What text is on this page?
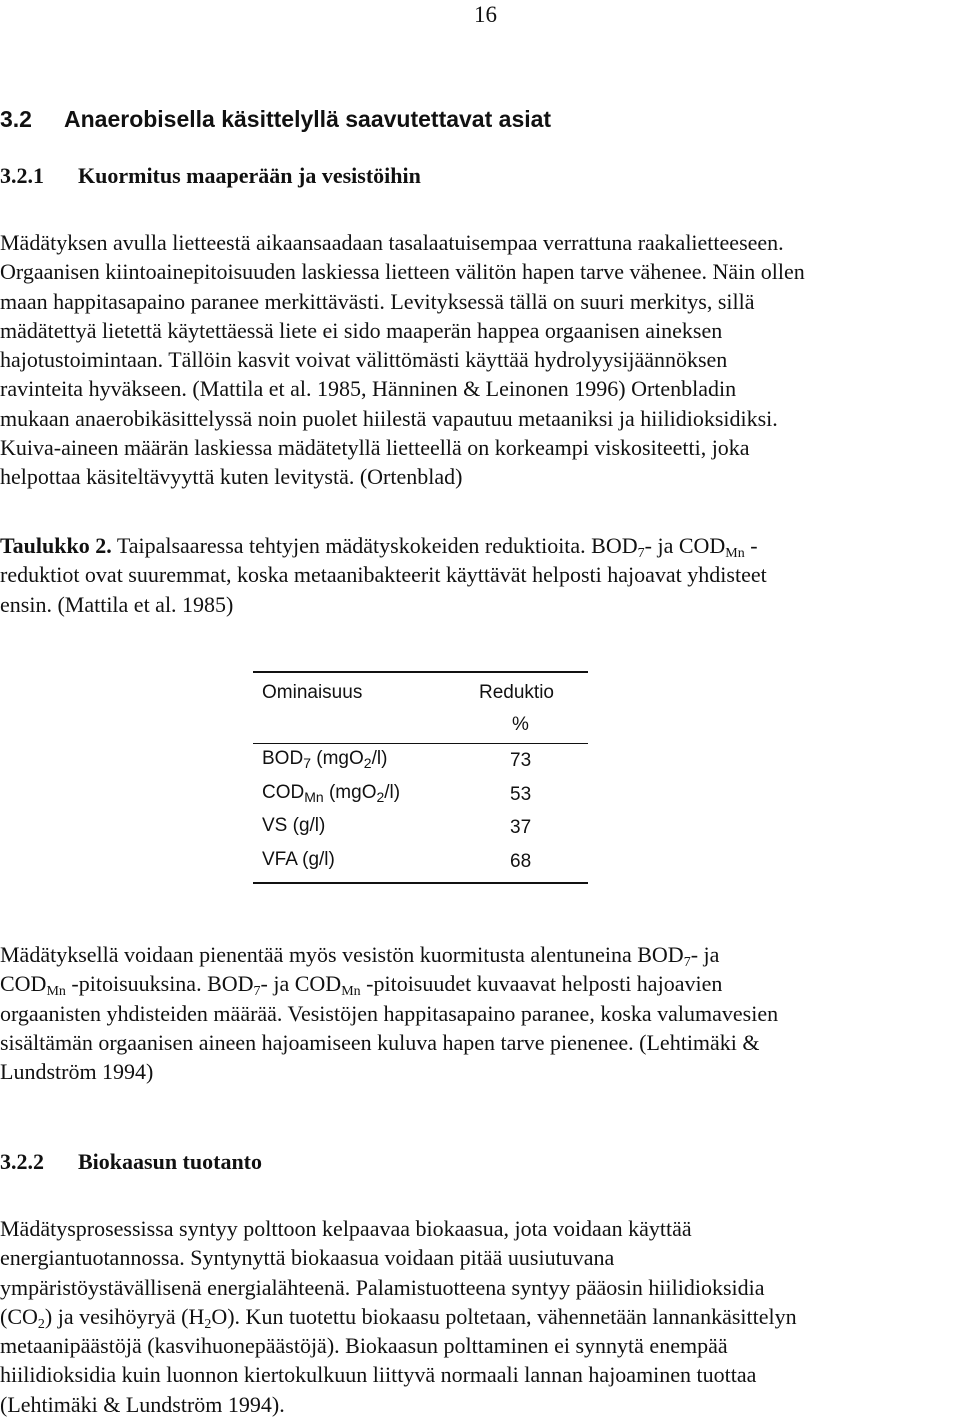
16
3.2 Anaerobisella käsittelyllä saavutettavat asiat
3.2.1 Kuormitus maaperään ja vesistöihin

Mädätyksen avulla lietteestä aikaansaadaan tasalaatuisempaa verrattuna raakalietteeseen.

Orgaanisen kiintoainepitoisuuden laskiessa lietteen välitön hapen tarve vähenee. Näin ollen

maan happitasapaino paranee merkittävästi. Levityksessä tällä on suuri merkitys, sillä

mädätettyä lietettä käytettäessä liete ei sido maaperän happea orgaanisen aineksen

hajotustoimintaan. Tällöin kasvit voivat välittömästi käyttää hydrolyysijäännöksen

ravinteita hyväkseen. (Mattila et al. 1985, Hänninen & Leinonen 1996) Ortenbladin

mukaan anaerobikäsittelyssä noin puolet hiilestä vapautuu metaaniksi ja hiilidioksidiksi.

Kuiva-aineen määrän laskiessa mädätetyllä lietteellä on korkeampi viskositeetti, joka

helpottaa käsiteltävyyttä kuten levitystä. (Ortenblad)

Taulukko 2. Taipalsaaressa tehtyjen mädätyskokeiden reduktioita. $BOD_7-$ ja $COD_{Mn}$ -

reduktiot ovat suuremmat, koska metaanibakteerit käyttävät helposti hajoavat yhdisteet

ensin. (Mattila et al. 1985)

Ominaisuus	Reduktio
%
$BOD_7$ (mgO$_2$/l)	73
$COD_{Mn}$ (mgO$_2$/l)	53
VS (g/l)	37
VFA (g/l)	68

Mädätyksellä voidaan pienentää myös vesistön kuormitusta alentuneina $BOD_7-$ ja

$COD_{Mn}$ -pitoisuuksina. $BOD_7-$ ja $COD_{Mn}$ -pitoisuudet kuvaavat helposti hajoavien

orgaanisten yhdisteiden määrää. Vesistöjen happitasapaino paranee, koska valumavesien

sisältämän orgaanisen aineen hajoamiseen kuluva hapen tarve pienenee. (Lehtimäki &

Lundström 1994)

3.2.2 Biokaasun tuotanto

Mädätysprosessissa syntyy polttoon kelpaavaa biokaasua, jota voidaan käyttää

energiantuotannossa. Syntynyttä biokaasua voidaan pitää uusiutuvana

ympäristöystävällisenä energialähteenä. Palamistuotteena syntyy pääosin hiilidioksidia

$(CO_2)$ ja vesihöyryä $(H_2O)$. Kun tuotettu biokaasu poltetaan, vähennetään lannankäsittelyn

metaanipäästöjä (kasvihuonepäästöjä). Biokaasun polttaminen ei synnytä enempää

hiilidioksidia kuin luonnon kiertokulkuun liittyvä normaali lannan hajoaminen tuottaa

(Lehtimäki & Lundström 1994).
